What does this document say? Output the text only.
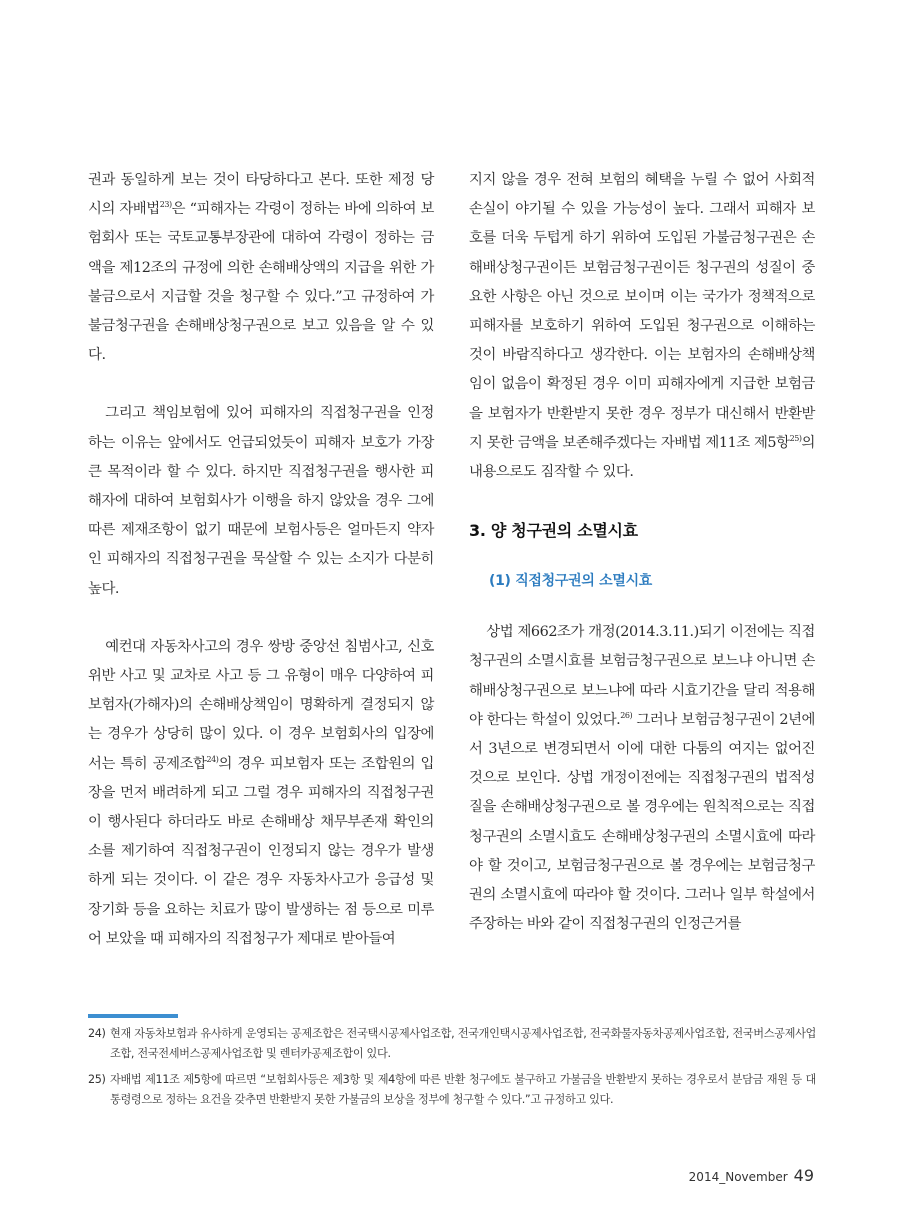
권과 동일하게 보는 것이 타당하다고 본다. 또한 제정 당시의 자배법$^{23)}$은 “피해자는 각령이 정하는 바에 의하여 보험회사 또는 국토교통부장관에 대하여 각령이 정하는 금액을 제12조의 규정에 의한 손해배상액의 지급을 위한 가불금으로서 지급할 것을 청구할 수 있다.”고 규정하여 가불금청구권을 손해배상청구권으로 보고 있음을 알 수 있다.

그리고 책임보험에 있어 피해자의 직접청구권을 인정하는 이유는 앞에서도 언급되었듯이 피해자 보호가 가장 큰 목적이라 할 수 있다. 하지만 직접청구권을 행사한 피해자에 대하여 보험회사가 이행을 하지 않았을 경우 그에 따른 제재조항이 없기 때문에 보험사등은 얼마든지 약자인 피해자의 직접청구권을 묵살할 수 있는 소지가 다분히 높다.

예컨대 자동차사고의 경우 쌍방 중앙선 침범사고, 신호위반 사고 및 교차로 사고 등 그 유형이 매우 다양하여 피보험자(가해자)의 손해배상책임이 명확하게 결정되지 않는 경우가 상당히 많이 있다. 이 경우 보험회사의 입장에서는 특히 공제조합$^{24)}$의 경우 피보험자 또는 조합원의 입장을 먼저 배려하게 되고 그럴 경우 피해자의 직접청구권이 행사된다 하더라도 바로 손해배상 채무부존재 확인의 소를 제기하여 직접청구권이 인정되지 않는 경우가 발생하게 되는 것이다. 이 같은 경우 자동차사고가 응급성 및 장기화 등을 요하는 치료가 많이 발생하는 점 등으로 미루어 보았을 때 피해자의 직접청구가 제대로 받아들여

지지 않을 경우 전혀 보험의 혜택을 누릴 수 없어 사회적 손실이 야기될 수 있을 가능성이 높다. 그래서 피해자 보호를 더욱 두텁게 하기 위하여 도입된 가불금청구권은 손해배상청구권이든 보험금청구권이든 청구권의 성질이 중요한 사항은 아닌 것으로 보이며 이는 국가가 정책적으로 피해자를 보호하기 위하여 도입된 청구권으로 이해하는 것이 바람직하다고 생각한다. 이는 보험자의 손해배상책임이 없음이 확정된 경우 이미 피해자에게 지급한 보험금을 보험자가 반환받지 못한 경우 정부가 대신해서 반환받지 못한 금액을 보존해주겠다는 자배법 제11조 제5항$^{25)}$의 내용으로도 짐작할 수 있다.

3. 양 청구권의 소멸시효
(1) 직접청구권의 소멸시효

상법 제662조가 개정(2014.3.11.)되기 이전에는 직접청구권의 소멸시효를 보험금청구권으로 보느냐 아니면 손해배상청구권으로 보느냐에 따라 시효기간을 달리 적용해야 한다는 학설이 있었다.$^{26)}$ 그러나 보험금청구권이 2년에서 3년으로 변경되면서 이에 대한 다툼의 여지는 없어진 것으로 보인다. 상법 개정이전에는 직접청구권의 법적성질을 손해배상청구권으로 볼 경우에는 원칙적으로는 직접청구권의 소멸시효도 손해배상청구권의 소멸시효에 따라야 할 것이고, 보험금청구권으로 볼 경우에는 보험금청구권의 소멸시효에 따라야 할 것이다. 그러나 일부 학설에서 주장하는 바와 같이 직접청구권의 인정근거를

24) 현재 자동차보험과 유사하게 운영되는 공제조합은 전국택시공제사업조합, 전국개인택시공제사업조합, 전국화물자동차공제사업조합, 전국버스공제사업조합, 전국전세버스공제사업조합 및 렌터카공제조합이 있다.
25) 자배법 제11조 제5항에 따르면 “보험회사등은 제3항 및 제4항에 따른 반환 청구에도 불구하고 가불금을 반환받지 못하는 경우로서 분담금 재원 등 대통령령으로 정하는 요건을 갖추면 반환받지 못한 가불금의 보상을 정부에 청구할 수 있다.”고 규정하고 있다.
2014_November 49
